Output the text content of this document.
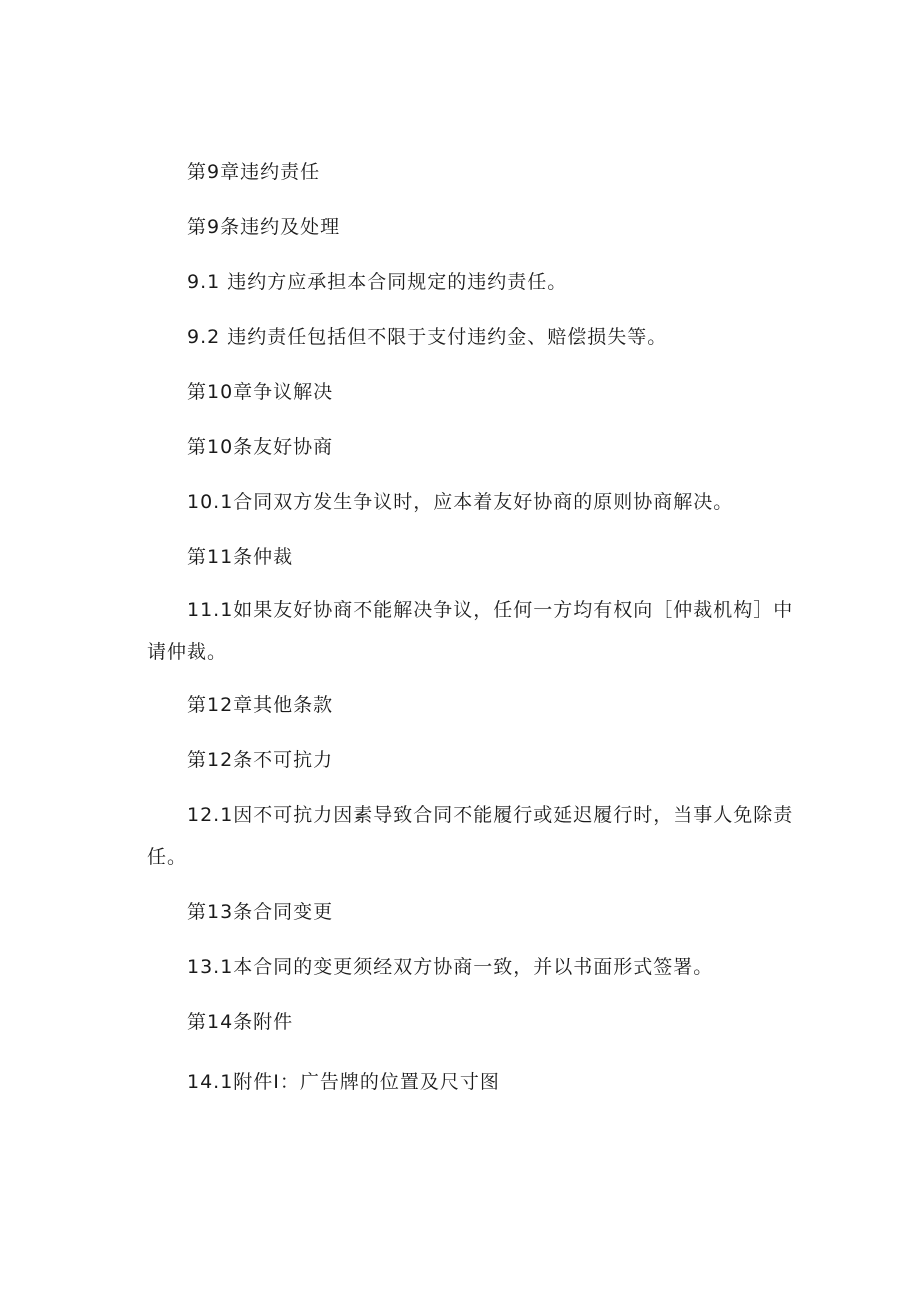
第9章违约责任
第9条违约及处理
9.1 违约方应承担本合同规定的违约责任。
9.2 违约责任包括但不限于支付违约金、赔偿损失等。
第10章争议解决
第10条友好协商
10.1合同双方发生争议时，应本着友好协商的原则协商解决。
第11条仲裁
11.1如果友好协商不能解决争议，任何一方均有权向［仲裁机构］中
请仲裁。
第12章其他条款
第12条不可抗力
12.1因不可抗力因素导致合同不能履行或延迟履行时，当事人免除责
任。
第13条合同变更
13.1本合同的变更须经双方协商一致，并以书面形式签署。
第14条附件
14.1附件I：广告牌的位置及尺寸图
